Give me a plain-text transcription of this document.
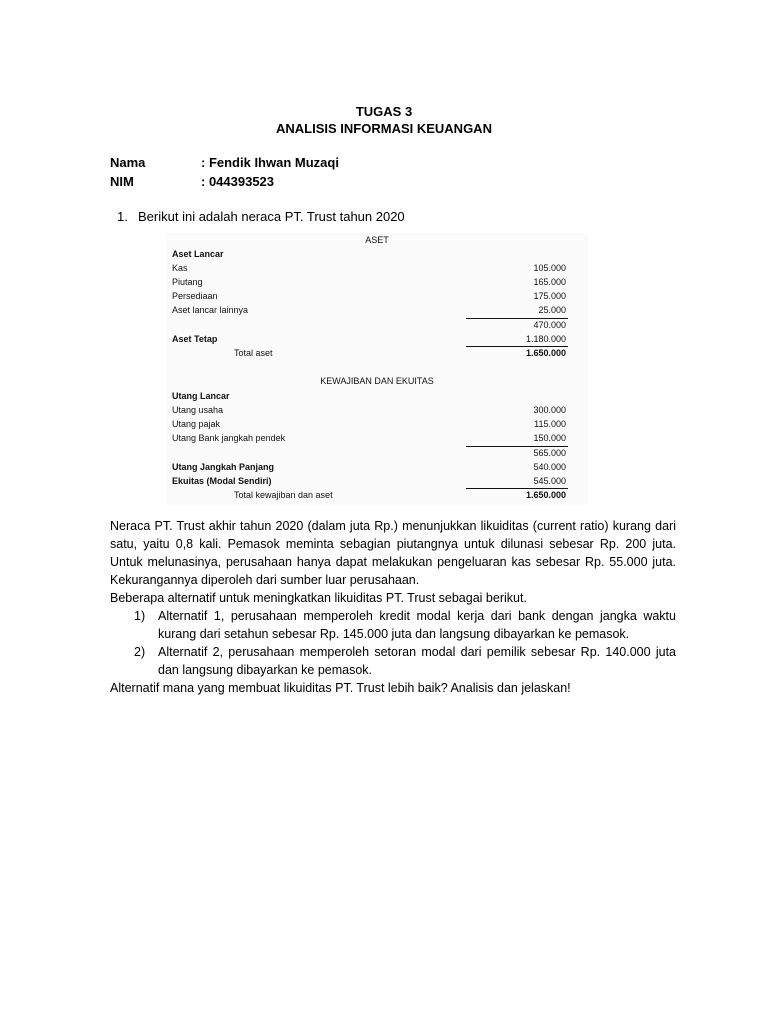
TUGAS 3
ANALISIS INFORMASI KEUANGAN
Nama	: Fendik Ihwan Muzaqi
NIM	: 044393523
1. Berikut ini adalah neraca PT. Trust tahun 2020
ASET
Aset Lancar
Kas	105.000
Piutang	165.000
Persediaan	175.000
Aset lancar lainnya	25.000
470.000
Aset Tetap	1.180.000
Total aset	1.650.000
KEWAJIBAN DAN EKUITAS
Utang Lancar
Utang usaha	300.000
Utang pajak	115.000
Utang Bank jangkah pendek	150.000
565.000
Utang Jangkah Panjang	540.000
Ekuitas (Modal Sendiri)	545.000
Total kewajiban dan aset	1.650.000
Neraca PT. Trust akhir tahun 2020 (dalam juta Rp.) menunjukkan likuiditas (current ratio) kurang dari satu, yaitu 0,8 kali. Pemasok meminta sebagian piutangnya untuk dilunasi sebesar Rp. 200 juta. Untuk melunasinya, perusahaan hanya dapat melakukan pengeluaran kas sebesar Rp. 55.000 juta. Kekurangannya diperoleh dari sumber luar perusahaan.
Beberapa alternatif untuk meningkatkan likuiditas PT. Trust sebagai berikut.
1) Alternatif 1, perusahaan memperoleh kredit modal kerja dari bank dengan jangka waktu kurang dari setahun sebesar Rp. 145.000 juta dan langsung dibayarkan ke pemasok.
2) Alternatif 2, perusahaan memperoleh setoran modal dari pemilik sebesar Rp. 140.000 juta dan langsung dibayarkan ke pemasok.
Alternatif mana yang membuat likuiditas PT. Trust lebih baik? Analisis dan jelaskan!
